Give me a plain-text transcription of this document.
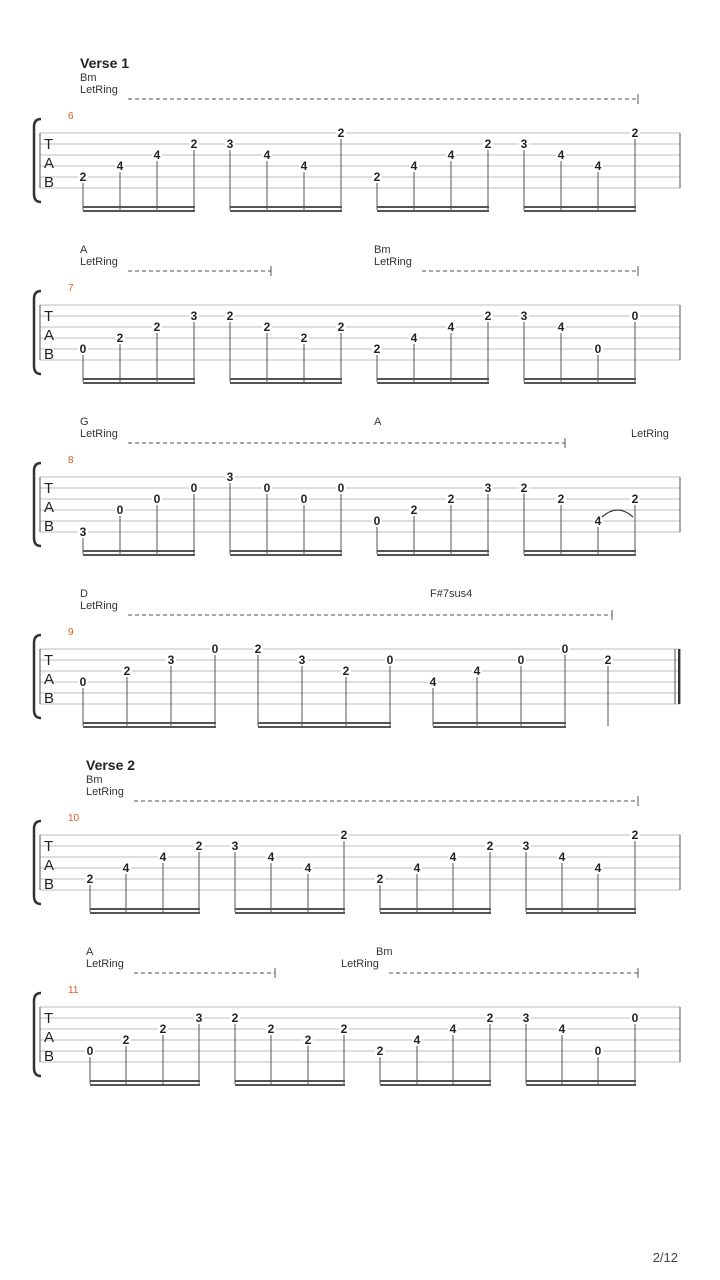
Verse 1
Verse 2
6
Bm
LetRing
T
A
B 2
4
4
2 3
4
4
2
2
4
4
2 3
4
4
2
7
A
LetRing
Bm
LetRing
T
A
B 0
2
2
3 2
2
2
2
2
4
4
2 3
4
0
0
8
G
LetRing
A
LetRing
T
A
B 3
0
0
0
3
0
0
0
0
2
2
3 2
2
4
2
9
D
LetRing
F#7sus4
T
A
B
0
2
3
0	2
3
2
0
4
4
0
0
2
10
Bm
LetRing
T
A
B	2
4
4
2 3
4
4
2
2
4
4
2 3
4
4
2
11
A
LetRing
Bm
LetRing
T
A
B	0
2
2
3 2
2
2
2
2
4
4
2 3
4
0
0
2/12
